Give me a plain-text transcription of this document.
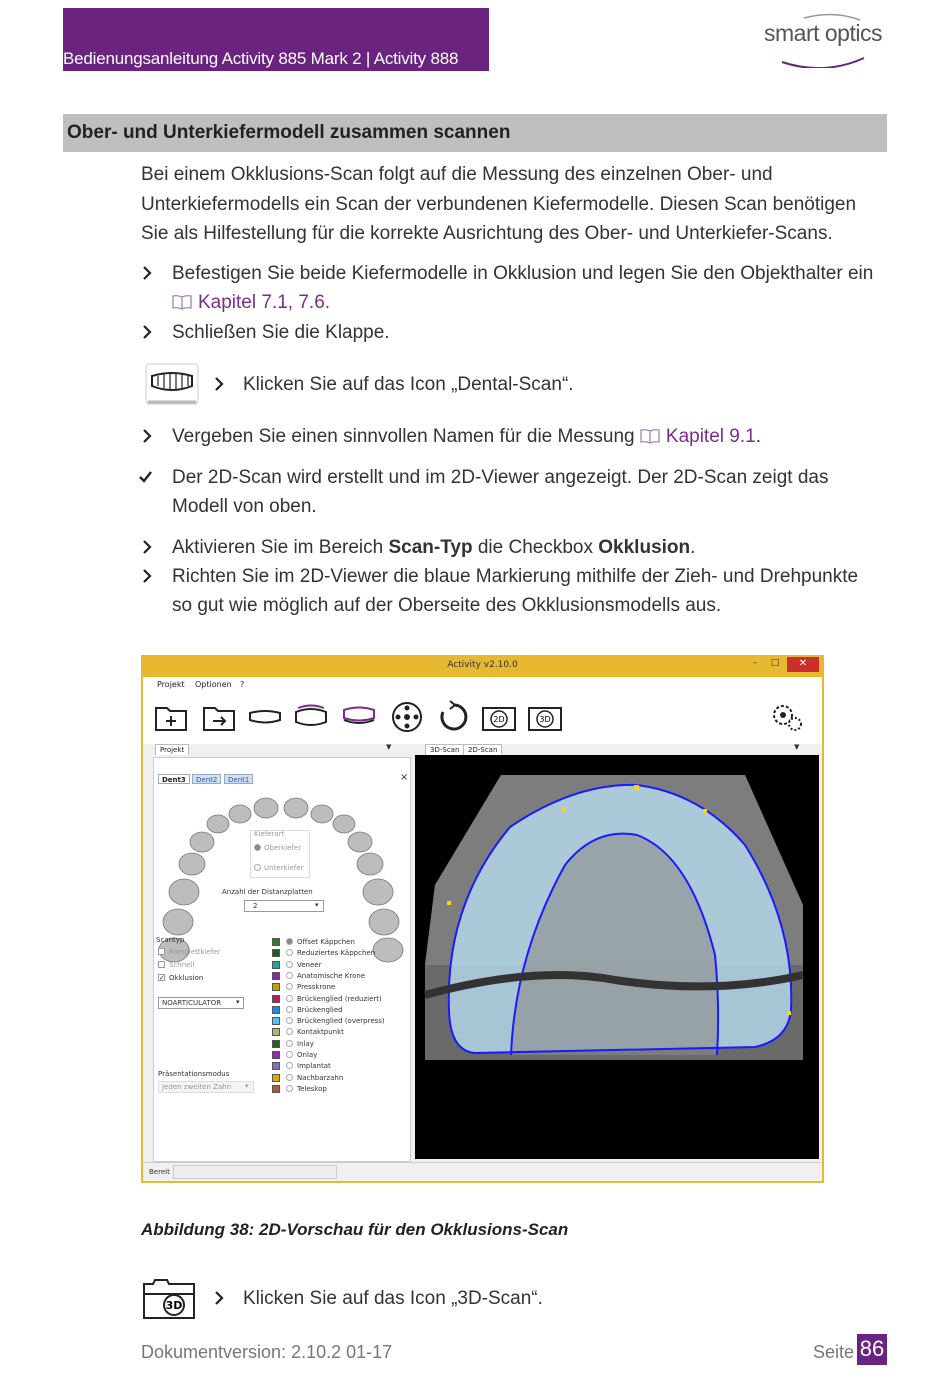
Bedienungsanleitung Activity 885 Mark 2 | Activity 888
smart optics
Ober- und Unterkiefermodell zusammen scannen
Bei einem Okklusions-Scan folgt auf die Messung des einzelnen Ober- und Unterkiefermodells ein Scan der verbundenen Kiefermodelle. Diesen Scan benötigen Sie als Hilfestellung für die korrekte Ausrichtung des Ober- und Unterkiefer-Scans.
Befestigen Sie beide Kiefermodelle in Okklusion und legen Sie den Objekthalter ein
Kapitel 7.1, 7.6.
Schließen Sie die Klappe.
Klicken Sie auf das Icon „Dental-Scan“.
Vergeben Sie einen sinnvollen Namen für die Messung Kapitel 9.1.
Der 2D-Scan wird erstellt und im 2D-Viewer angezeigt. Der 2D-Scan zeigt das
Modell von oben.
Aktivieren Sie im Bereich Scan-Typ die Checkbox Okklusion.
Richten Sie im 2D-Viewer die blaue Markierung mithilfe der Zieh- und Drehpunkte
so gut wie möglich auf der Oberseite des Okklusionsmodells aus.
Activity v2.10.0	–	□	✕
Projekt Optionen ?
2D	3D
Projekt	▼	3D-Scan	2D-Scan	▼
Dent3	Dent2	Dent1	×
Kieferart
Oberkiefer
Unterkiefer
Anzahl der Distanzplatten
2	▾
Scantyp
Komplettkiefer
Schnell
✓ Okklusion
NOARTICULATOR ▾
Offset Käppchen
Reduziertes Käppchen
Veneer
Anatomische Krone
Presskrone
Brückenglied (reduziert)
Brückenglied
Brückenglied (overpress)
Kontaktpunkt
Inlay
Onlay
Implantat
Nachbarzahn
Teleskop
Präsentationsmodus
Jeden zweiten Zahn ▾
Bereit
Abbildung 38: 2D-Vorschau für den Okklusions-Scan
3D	Klicken Sie auf das Icon „3D-Scan“.
Dokumentversion: 2.10.2 01-17	Seite 86
